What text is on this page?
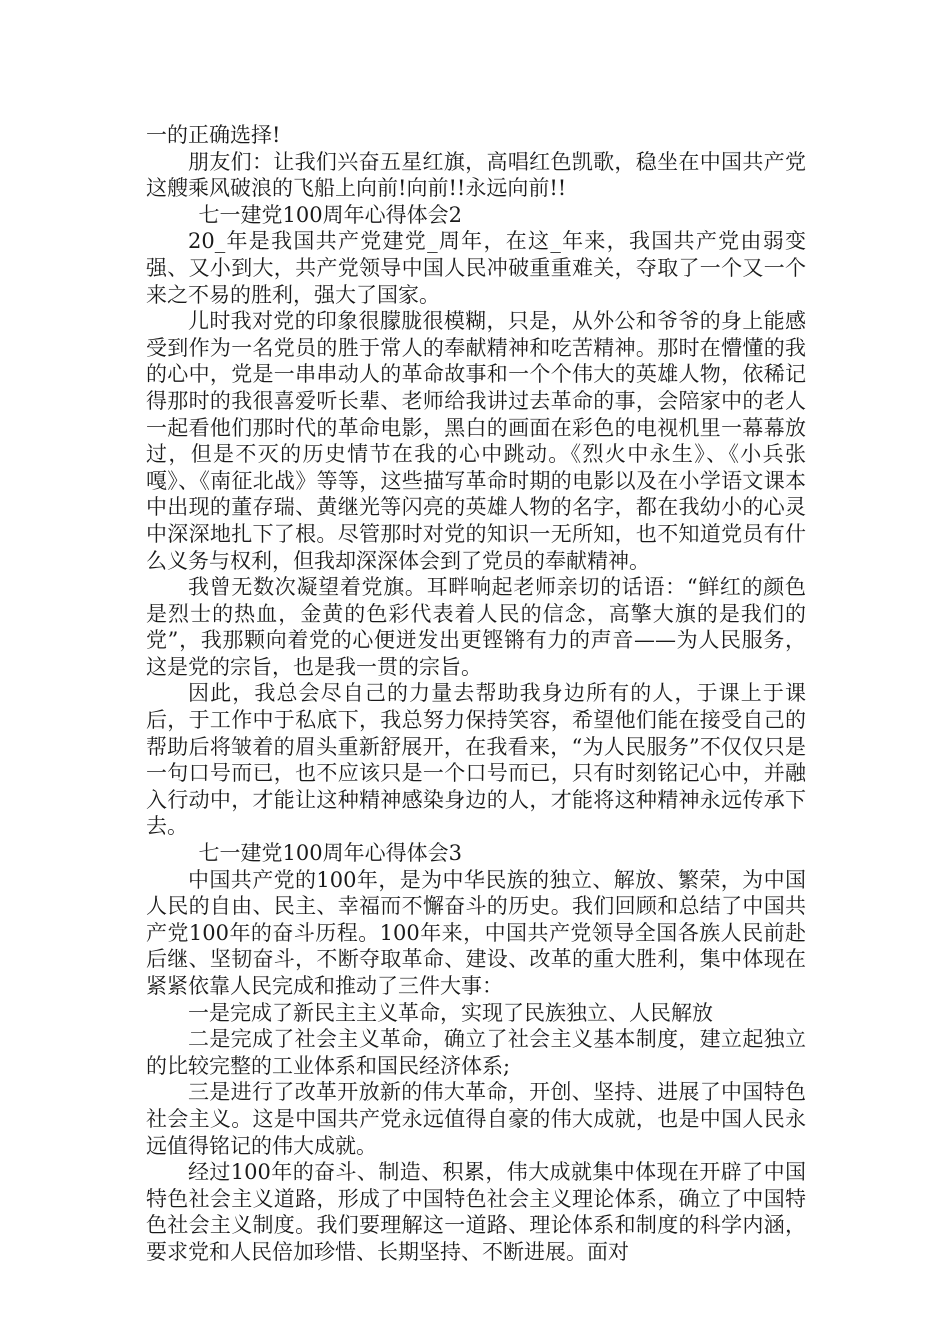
一的正确选择!

朋友们：让我们兴奋五星红旗，高唱红色凯歌，稳坐在中国共产党这艘乘风破浪的飞船上向前!向前!!永远向前!!

七一建党100周年心得体会2

20_年是我国共产党建党_周年，在这_年来，我国共产党由弱变强、又小到大，共产党领导中国人民冲破重重难关，夺取了一个又一个来之不易的胜利，强大了国家。

儿时我对党的印象很朦胧很模糊，只是，从外公和爷爷的身上能感受到作为一名党员的胜于常人的奉献精神和吃苦精神。那时在懵懂的我的心中，党是一串串动人的革命故事和一个个伟大的英雄人物，依稀记得那时的我很喜爱听长辈、老师给我讲过去革命的事，会陪家中的老人一起看他们那时代的革命电影，黑白的画面在彩色的电视机里一幕幕放过，但是不灭的历史情节在我的心中跳动。《烈火中永生》、《小兵张嘎》、《南征北战》等等，这些描写革命时期的电影以及在小学语文课本中出现的董存瑞、黄继光等闪亮的英雄人物的名字，都在我幼小的心灵中深深地扎下了根。尽管那时对党的知识一无所知，也不知道党员有什么义务与权利，但我却深深体会到了党员的奉献精神。

我曾无数次凝望着党旗。耳畔响起老师亲切的话语：“鲜红的颜色是烈士的热血，金黄的色彩代表着人民的信念，高擎大旗的是我们的党”，我那颗向着党的心便迸发出更铿锵有力的声音——为人民服务，这是党的宗旨，也是我一贯的宗旨。

因此，我总会尽自己的力量去帮助我身边所有的人，于课上于课后，于工作中于私底下，我总努力保持笑容，希望他们能在接受自己的帮助后将皱着的眉头重新舒展开，在我看来，“为人民服务”不仅仅只是一句口号而已，也不应该只是一个口号而已，只有时刻铭记心中，并融入行动中，才能让这种精神感染身边的人，才能将这种精神永远传承下去。

七一建党100周年心得体会3

中国共产党的100年，是为中华民族的独立、解放、繁荣，为中国人民的自由、民主、幸福而不懈奋斗的历史。我们回顾和总结了中国共产党100年的奋斗历程。100年来，中国共产党领导全国各族人民前赴后继、坚韧奋斗，不断夺取革命、建设、改革的重大胜利，集中体现在紧紧依靠人民完成和推动了三件大事：

一是完成了新民主主义革命，实现了民族独立、人民解放

二是完成了社会主义革命，确立了社会主义基本制度，建立起独立的比较完整的工业体系和国民经济体系;

三是进行了改革开放新的伟大革命，开创、坚持、进展了中国特色社会主义。这是中国共产党永远值得自豪的伟大成就，也是中国人民永远值得铭记的伟大成就。

经过100年的奋斗、制造、积累，伟大成就集中体现在开辟了中国特色社会主义道路，形成了中国特色社会主义理论体系，确立了中国特色社会主义制度。我们要理解这一道路、理论体系和制度的科学内涵，要求党和人民倍加珍惜、长期坚持、不断进展。面对
